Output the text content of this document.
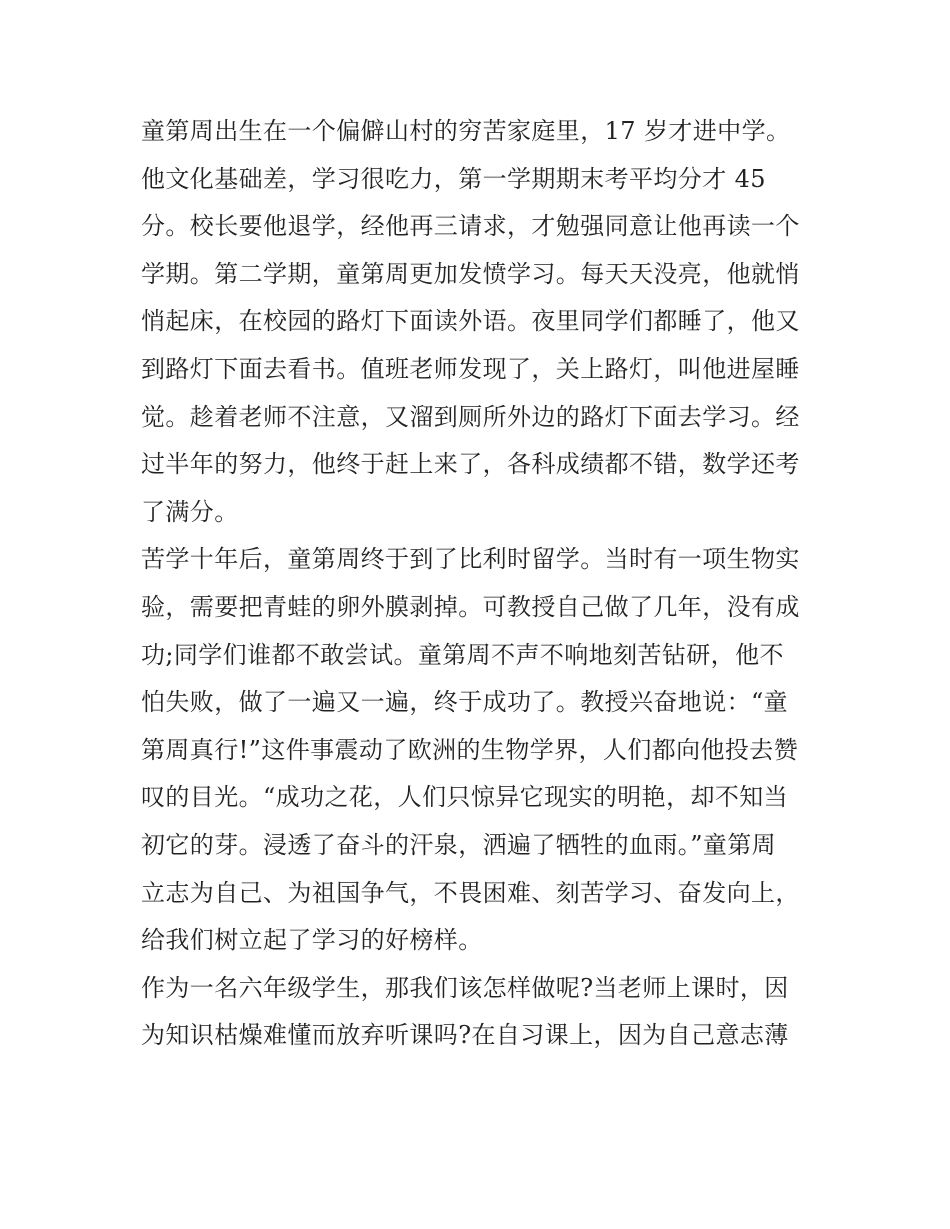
童第周出生在一个偏僻山村的穷苦家庭里，17 岁才进中学。
他文化基础差，学习很吃力，第一学期期末考平均分才 45
分。校长要他退学，经他再三请求，才勉强同意让他再读一个
学期。第二学期，童第周更加发愤学习。每天天没亮，他就悄
悄起床，在校园的路灯下面读外语。夜里同学们都睡了，他又
到路灯下面去看书。值班老师发现了，关上路灯，叫他进屋睡
觉。趁着老师不注意，又溜到厕所外边的路灯下面去学习。经
过半年的努力，他终于赶上来了，各科成绩都不错，数学还考
了满分。
苦学十年后，童第周终于到了比利时留学。当时有一项生物实
验，需要把青蛙的卵外膜剥掉。可教授自己做了几年，没有成
功;同学们谁都不敢尝试。童第周不声不响地刻苦钻研，他不
怕失败，做了一遍又一遍，终于成功了。教授兴奋地说：“童
第周真行!”这件事震动了欧洲的生物学界，人们都向他投去赞
叹的目光。“成功之花，人们只惊异它现实的明艳，却不知当
初它的芽。浸透了奋斗的汗泉，洒遍了牺牲的血雨。”童第周
立志为自己、为祖国争气，不畏困难、刻苦学习、奋发向上，
给我们树立起了学习的好榜样。
作为一名六年级学生，那我们该怎样做呢?当老师上课时，因
为知识枯燥难懂而放弃听课吗?在自习课上，因为自己意志薄
